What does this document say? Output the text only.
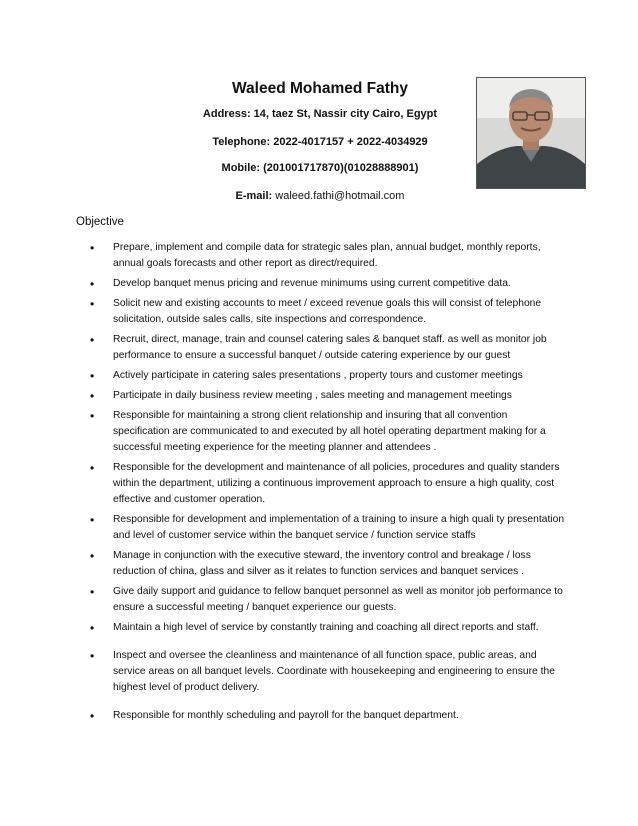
Waleed Mohamed Fathy
Address: 14, taez St, Nassir city Cairo, Egypt
Telephone: 2022-4017157 + 2022-4034929
Mobile: (201001717870)(01028888901)
E-mail: waleed.fathi@hotmail.com
Objective
• Prepare, implement and compile data for strategic sales plan, annual budget, monthly reports, annual goals forecasts and other report as direct/required.
• Develop banquet menus pricing and revenue minimums using current competitive data.
• Solicit new and existing accounts to meet / exceed revenue goals this will consist of telephone solicitation, outside sales calls, site inspections and correspondence.
• Recruit, direct, manage, train and counsel catering sales & banquet staff. as well as monitor job performance to ensure a successful banquet / outside catering experience by our guest
• Actively participate in catering sales presentations , property tours and customer meetings
• Participate in daily business review meeting , sales meeting and management meetings
• Responsible for maintaining a strong client relationship and insuring that all convention specification are communicated to and executed by all hotel operating department making for a successful meeting experience for the meeting planner and attendees .
• Responsible for the development and maintenance of all policies, procedures and quality standers within the department, utilizing a continuous improvement approach to ensure a high quality, cost effective and customer operation.
• Responsible for development and implementation of a training to insure a high quali ty presentation and level of customer service within the banquet service / function service staffs
• Manage in conjunction with the executive steward, the inventory control and breakage / loss reduction of china, glass and silver as it relates to function services and banquet services .
• Give daily support and guidance to fellow banquet personnel as well as monitor job performance to ensure a successful meeting / banquet experience our guests.
• Maintain a high level of service by constantly training and coaching all direct reports and staff.
• Inspect and oversee the cleanliness and maintenance of all function space, public areas, and service areas on all banquet levels. Coordinate with housekeeping and engineering to ensure the highest level of product delivery.
• Responsible for monthly scheduling and payroll for the banquet department.
